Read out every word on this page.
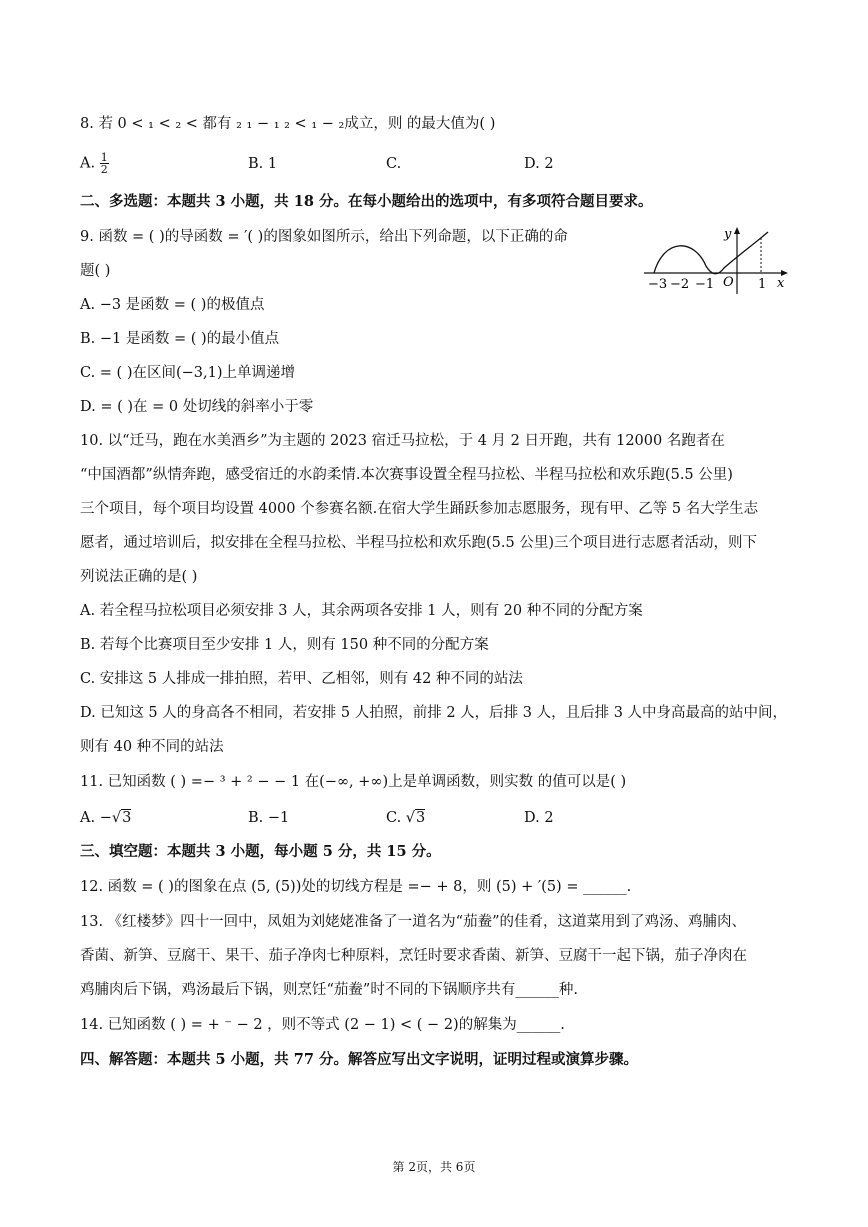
8. 若 0 < ₁ < ₂ < 都有 ₂ ₁ − ₁ ₂ < ₁ − ₂成立，则 的最大值为( )
A. $\frac{1}{2}$	B. 1	C.	D. 2
二、多选题：本题共 3 小题，共 18 分。在每小题给出的选项中，有多项符合题目要求。
9. 函数 = ( )的导函数 = ′( )的图象如图所示，给出下列命题，以下正确的命
题( )
A. −3 是函数 = ( )的极值点
B. −1 是函数 = ( )的最小值点
C. = ( )在区间(−3,1)上单调递增
D. = ( )在 = 0 处切线的斜率小于零
y
x
O
−3 −2 −1	1
10. 以“迁马，跑在水美酒乡”为主题的 2023 宿迁马拉松，于 4 月 2 日开跑，共有 12000 名跑者在
“中国酒都”纵情奔跑，感受宿迁的水韵柔情.本次赛事设置全程马拉松、半程马拉松和欢乐跑(5.5 公里)
三个项目，每个项目均设置 4000 个参赛名额.在宿大学生踊跃参加志愿服务，现有甲、乙等 5 名大学生志
愿者，通过培训后，拟安排在全程马拉松、半程马拉松和欢乐跑(5.5 公里)三个项目进行志愿者活动，则下
列说法正确的是( )
A. 若全程马拉松项目必须安排 3 人，其余两项各安排 1 人，则有 20 种不同的分配方案
B. 若每个比赛项目至少安排 1 人，则有 150 种不同的分配方案
C. 安排这 5 人排成一排拍照，若甲、乙相邻，则有 42 种不同的站法
D. 已知这 5 人的身高各不相同，若安排 5 人拍照，前排 2 人，后排 3 人，且后排 3 人中身高最高的站中间，
则有 40 种不同的站法
11. 已知函数 ( ) =− ³ + ² − − 1 在(−∞, +∞)上是单调函数，则实数 的值可以是( )
A. −√3	B. −1	C. √3	D. 2
三、填空题：本题共 3 小题，每小题 5 分，共 15 分。
12. 函数 = ( )的图象在点 (5, (5))处的切线方程是 =− + 8，则 (5) + ′(5) = ______.
13. 《红楼梦》四十一回中，凤姐为刘姥姥准备了一道名为“茄鲞”的佳肴，这道菜用到了鸡汤、鸡脯肉、
香菌、新笋、豆腐干、果干、茄子净肉七种原料，烹饪时要求香菌、新笋、豆腐干一起下锅，茄子净肉在
鸡脯肉后下锅，鸡汤最后下锅，则烹饪“茄鲞”时不同的下锅顺序共有______种.
14. 已知函数 ( ) = + ⁻ − 2 ，则不等式 (2 − 1) < ( − 2)的解集为______.
四、解答题：本题共 5 小题，共 77 分。解答应写出文字说明，证明过程或演算步骤。
第 2页，共 6页
